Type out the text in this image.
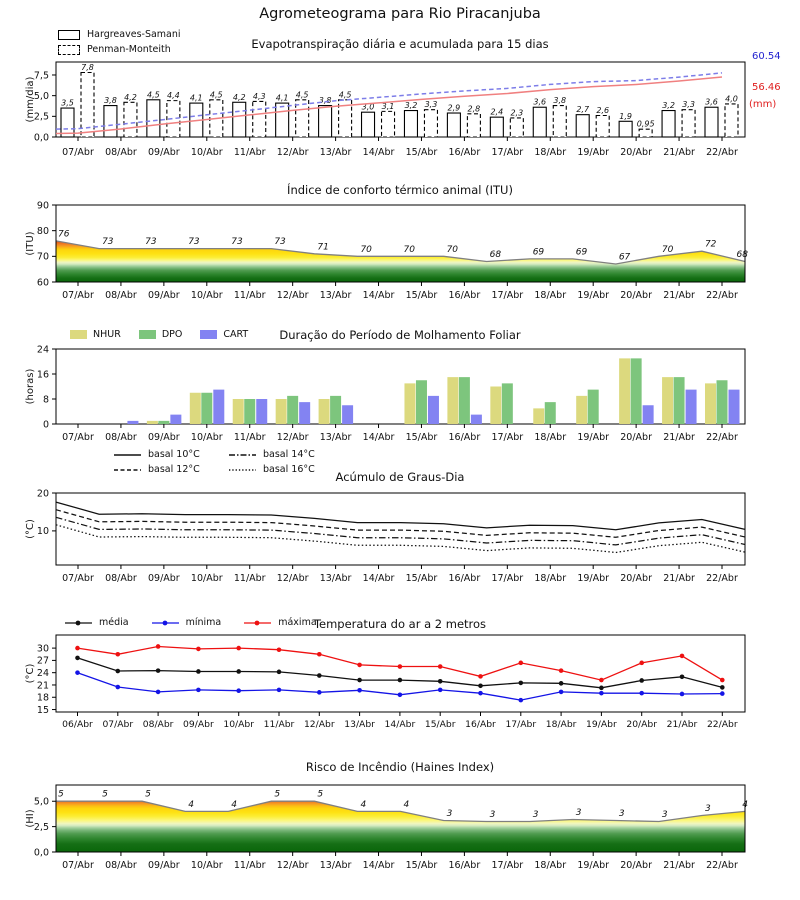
0,0
2,5
5,0
7,5
07/Abr 08/Abr 09/Abr 10/Abr 11/Abr 12/Abr 13/Abr 14/Abr 15/Abr 16/Abr 17/Abr 18/Abr 19/Abr 20/Abr 21/Abr 22/Abr
(mm/dia)	3,5
7,8
3,8 4,2 4,5 4,4 4,1 4,5 4,2 4,3 4,1 4,5
3,8
4,5
3,0 3,1 3,2 3,3 2,9 2,8 2,4 2,3
3,6 3,8
2,7 2,6
1,9
0,95
3,2 3,3 3,6 4,0
76
73	73	73	73	73
71	70	70	70
68	69	69
67
70
72
68
60
70
80
90
07/Abr 08/Abr 09/Abr 10/Abr 11/Abr 12/Abr 13/Abr 14/Abr 15/Abr 16/Abr 17/Abr 18/Abr 19/Abr 20/Abr 21/Abr 22/Abr
(ITU)
0
8
16
24
07/Abr 08/Abr 09/Abr 10/Abr 11/Abr 12/Abr 13/Abr 14/Abr 15/Abr 16/Abr 17/Abr 18/Abr 19/Abr 20/Abr 21/Abr 22/Abr
(horas)
10
20
07/Abr 08/Abr 09/Abr 10/Abr 11/Abr 12/Abr 13/Abr 14/Abr 15/Abr 16/Abr 17/Abr 18/Abr 19/Abr 20/Abr 21/Abr 22/Abr
(°C)
15
18
21
24
27
30
06/Abr 07/Abr 08/Abr 09/Abr 10/Abr 11/Abr 12/Abr 13/Abr 14/Abr 15/Abr 16/Abr 17/Abr 18/Abr 19/Abr 20/Abr 21/Abr 22/Abr
(°C)
5	5	5
4	4
5	5
4	4
3	3	3	3	3	3
3	4
0,0
2,5
5,0
07/Abr 08/Abr 09/Abr 10/Abr 11/Abr 12/Abr 13/Abr 14/Abr 15/Abr 16/Abr 17/Abr 18/Abr 19/Abr 20/Abr 21/Abr 22/Abr
(HI)
Agrometeograma para Rio Piracanjuba
Evapotranspiração diária e acumulada para 15 dias
Índice de conforto térmico animal (ITU)
Duração do Período de Molhamento Foliar
Acúmulo de Graus-Dia
Temperatura do ar a 2 metros
Risco de Incêndio (Haines Index)
Hargreaves-Samani
Penman-Monteith
60.54
56.46
(mm)
NHUR	DPO	CART
basal 10°C	basal 14°C
basal 12°C	basal 16°C
média	mínima	máxima
